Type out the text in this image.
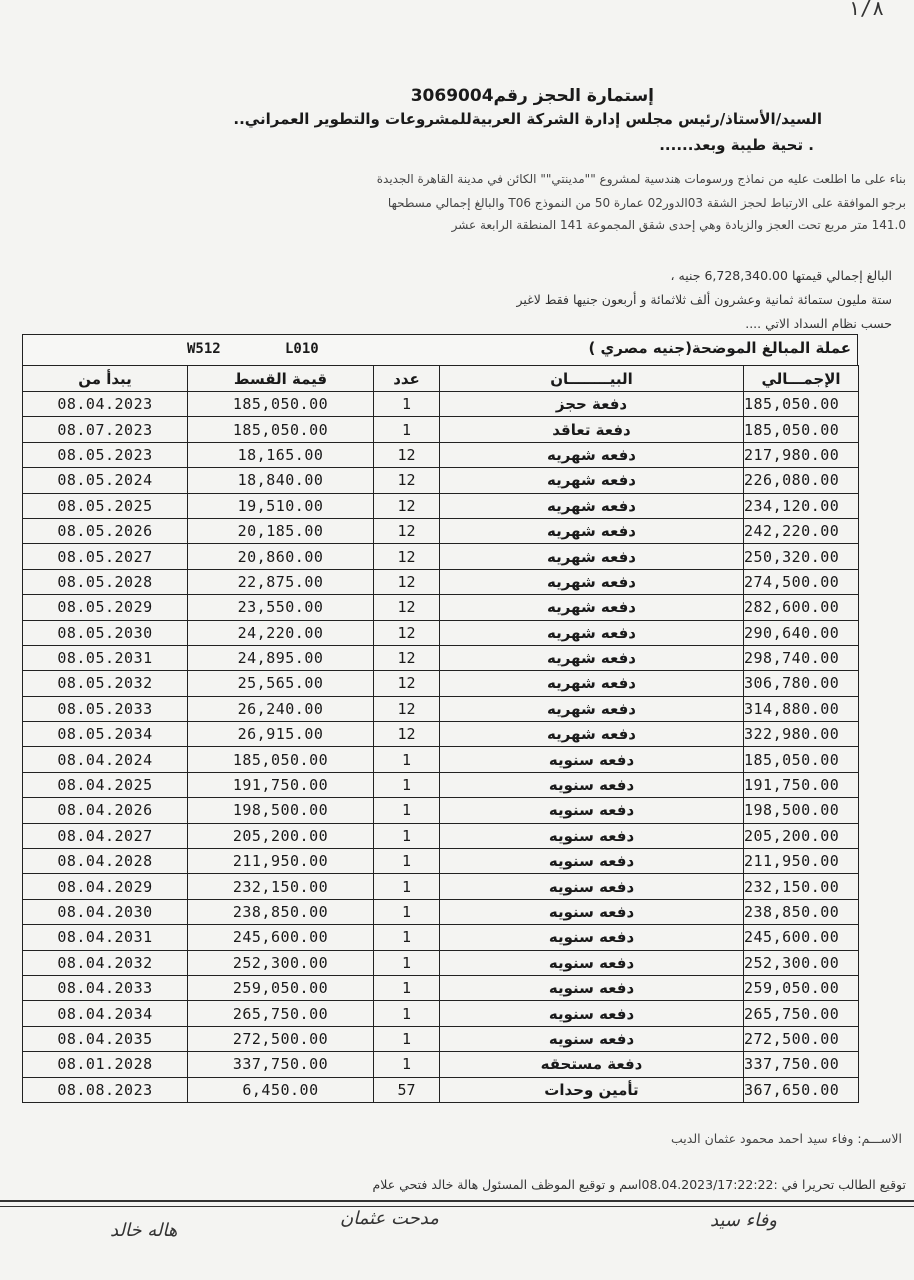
١/٨
إستمارة الحجز رقم3069004
السيد/الأستاذ/رئيس مجلس إدارة الشركة العربيةللمشروعات والتطوير العمراني..
. تحية طيبة وبعد......
بناء على ما اطلعت عليه من نماذج ورسومات هندسية لمشروع ""مدينتي"" الكائن في مدينة القاهرة الجديدة
برجو الموافقة على الارتباط لحجز الشقة 03الدور02 عمارة 50 من النموذج T06 والبالغ إجمالي مسطحها
141.0 متر مربع تحت العجز والزيادة وهي إحدى شقق المجموعة 141 المنطقة الرابعة عشر
البالغ إجمالي قيمتها 6,728,340.00 جنيه ،
ستة مليون ستمائة ثمانية وعشرون ألف ثلاثمائة و أربعون جنيها فقط لاغير
حسب نظام السداد الاتي ....
W512	L010	عملة المبالغ الموضحة(جنيه مصري )
يبدأ من	قيمة القسط	عدد	البيــــــــان	الإجمـــالي
08.04.2023	185,050.00	1	دفعة حجز	185,050.00
08.07.2023	185,050.00	1	دفعة تعاقد	185,050.00
08.05.2023	18,165.00	12	دفعه شهريه	217,980.00
08.05.2024	18,840.00	12	دفعه شهريه	226,080.00
08.05.2025	19,510.00	12	دفعه شهريه	234,120.00
08.05.2026	20,185.00	12	دفعه شهريه	242,220.00
08.05.2027	20,860.00	12	دفعه شهريه	250,320.00
08.05.2028	22,875.00	12	دفعه شهريه	274,500.00
08.05.2029	23,550.00	12	دفعه شهريه	282,600.00
08.05.2030	24,220.00	12	دفعه شهريه	290,640.00
08.05.2031	24,895.00	12	دفعه شهريه	298,740.00
08.05.2032	25,565.00	12	دفعه شهريه	306,780.00
08.05.2033	26,240.00	12	دفعه شهريه	314,880.00
08.05.2034	26,915.00	12	دفعه شهريه	322,980.00
08.04.2024	185,050.00	1	دفعه سنويه	185,050.00
08.04.2025	191,750.00	1	دفعه سنويه	191,750.00
08.04.2026	198,500.00	1	دفعه سنويه	198,500.00
08.04.2027	205,200.00	1	دفعه سنويه	205,200.00
08.04.2028	211,950.00	1	دفعه سنويه	211,950.00
08.04.2029	232,150.00	1	دفعه سنويه	232,150.00
08.04.2030	238,850.00	1	دفعه سنويه	238,850.00
08.04.2031	245,600.00	1	دفعه سنويه	245,600.00
08.04.2032	252,300.00	1	دفعه سنويه	252,300.00
08.04.2033	259,050.00	1	دفعه سنويه	259,050.00
08.04.2034	265,750.00	1	دفعه سنويه	265,750.00
08.04.2035	272,500.00	1	دفعه سنويه	272,500.00
08.01.2028	337,750.00	1	دفعة مستحقه	337,750.00
08.08.2023	6,450.00	57	تأمين وحدات	367,650.00
الاســـم: وفاء سيد احمد محمود عثمان الديب
توقيع الطالب تحريرا في :08.04.2023/17:22:22اسم و توقيع الموظف المسئول هالة خالد فتحي علام
هاله خالد
مدحت عثمان	وفاء سيد
